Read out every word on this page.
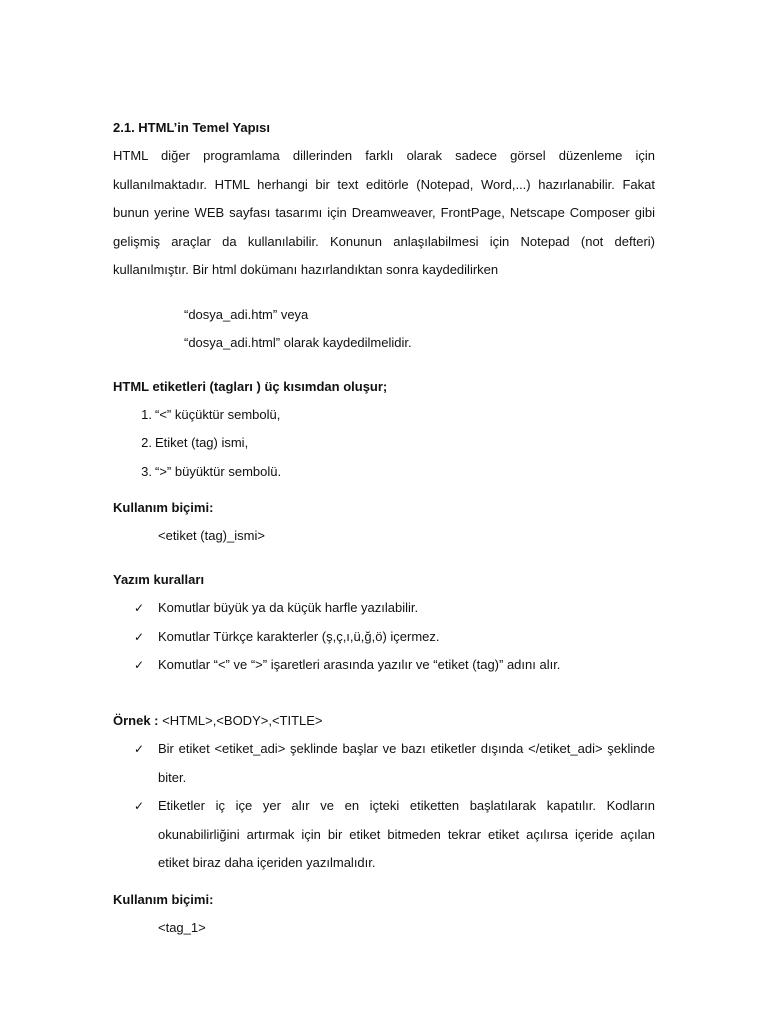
2.1. HTML’in Temel Yapısı

HTML diğer programlama dillerinden farklı olarak sadece görsel düzenleme için kullanılmaktadır. HTML herhangi bir text editörle (Notepad, Word,...) hazırlanabilir. Fakat bunun yerine WEB sayfası tasarımı için Dreamweaver, FrontPage, Netscape Composer gibi gelişmiş araçlar da kullanılabilir. Konunun anlaşılabilmesi için Notepad (not defteri) kullanılmıştır. Bir html dokümanı hazırlandıktan sonra kaydedilirken

“dosya_adi.htm” veya
“dosya_adi.html” olarak kaydedilmelidir.
HTML etiketleri (tagları ) üç kısımdan oluşur;
1. “<” küçüktür sembolü,
2. Etiket (tag) ismi,
3. “>” büyüktür sembolü.
Kullanım biçimi:
<etiket (tag)_ismi>
Yazım kuralları
✓	Komutlar büyük ya da küçük harfle yazılabilir.
✓	Komutlar Türkçe karakterler (ş,ç,ı,ü,ğ,ö) içermez.
✓	Komutlar “<” ve “>” işaretleri arasında yazılır ve “etiket (tag)” adını alır.
Örnek : <HTML>,<BODY>,<TITLE>
✓	Bir etiket <etiket_adi> şeklinde başlar ve bazı etiketler dışında </etiket_adi> şeklinde biter.
✓	Etiketler iç içe yer alır ve en içteki etiketten başlatılarak kapatılır. Kodların okunabilirliğini artırmak için bir etiket bitmeden tekrar etiket açılırsa içeride açılan etiket biraz daha içeriden yazılmalıdır.
Kullanım biçimi:
<tag_1>
